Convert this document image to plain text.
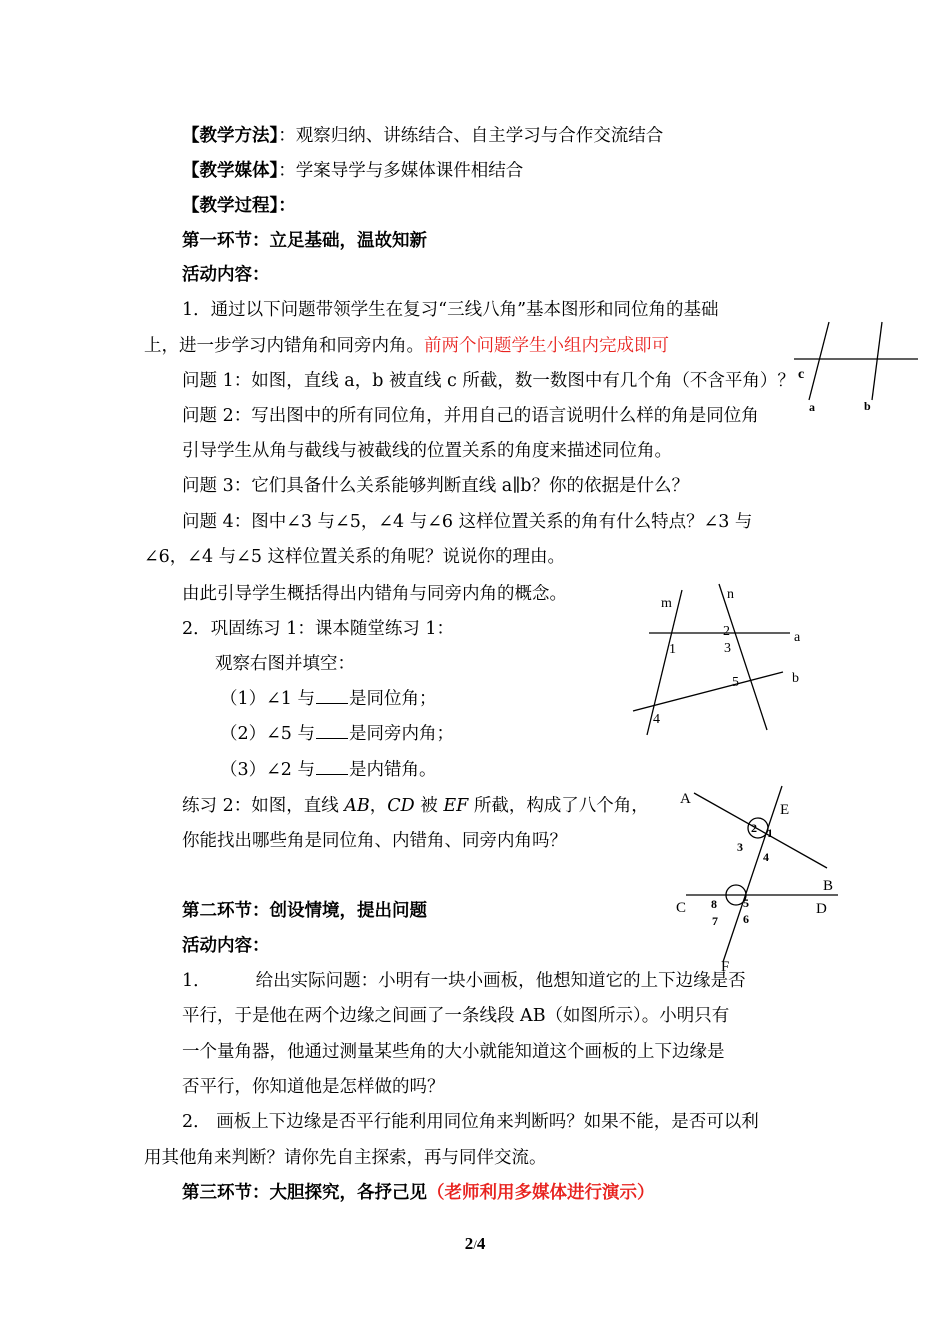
【教学方法】：观察归纳、讲练结合、自主学习与合作交流结合
【教学媒体】：学案导学与多媒体课件相结合
【教学过程】：
第一环节：立足基础，温故知新
活动内容：
1．通过以下问题带领学生在复习“三线八角”基本图形和同位角的基础
上，进一步学习内错角和同旁内角。前两个问题学生小组内完成即可
问题 1：如图，直线 a，b 被直线 c 所截，数一数图中有几个角（不含平角）？
问题 2：写出图中的所有同位角，并用自己的语言说明什么样的角是同位角
引导学生从角与截线与被截线的位置关系的角度来描述同位角。
问题 3：它们具备什么关系能够判断直线 a∥b？你的依据是什么？
问题 4：图中∠3 与∠5，∠4 与∠6 这样位置关系的角有什么特点？∠3 与
∠6，∠4 与∠5 这样位置关系的角呢？说说你的理由。
由此引导学生概括得出内错角与同旁内角的概念。
2．巩固练习 1：课本随堂练习 1：
观察右图并填空：
（1）∠1 与 是同位角；
（2）∠5 与 是同旁内角；
（3）∠2 与 是内错角。
练习 2：如图，直线 AB，CD 被 EF 所截，构成了八个角，
你能找出哪些角是同位角、内错角、同旁内角吗？
第二环节：创设情境，提出问题
活动内容：
1．	给出实际问题：小明有一块小画板，他想知道它的上下边缘是否
平行，于是他在两个边缘之间画了一条线段 AB（如图所示）。小明只有
一个量角器，他通过测量某些角的大小就能知道这个画板的上下边缘是
否平行，你知道他是怎样做的吗？
2． 画板上下边缘是否平行能利用同位角来判断吗？如果不能，是否可以利
用其他角来判断？请你先自主探索，再与同伴交流。
第三环节：大胆探究，各抒己见（老师利用多媒体进行演示）
c
a	b
m
n
a
b
1
2
3
4
5
A
E
B
C	D
F
2 1
3
4
8 5
7 6
2/4
